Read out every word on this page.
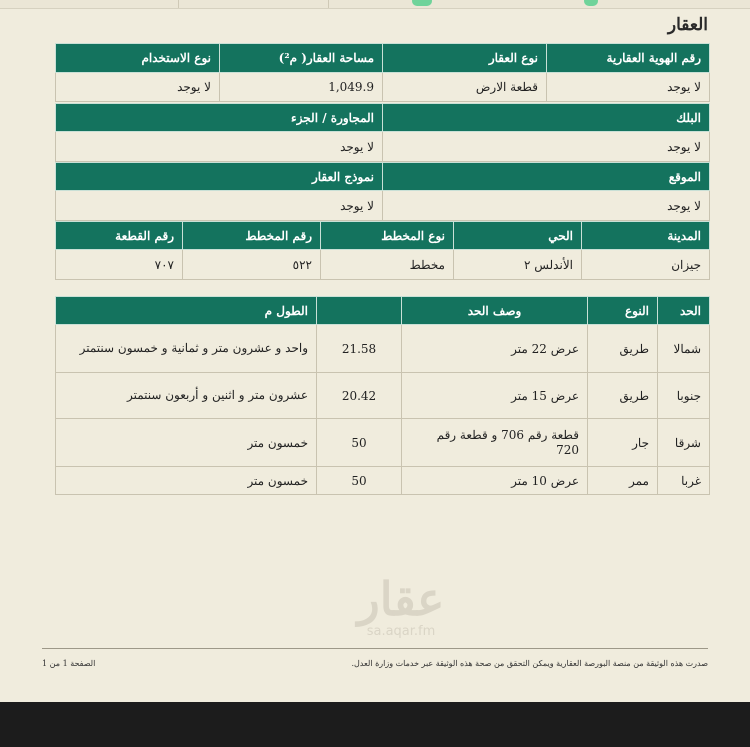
العقار
رقم الهوية العقارية	نوع العقار	مساحة العقار( م²)	نوع الاستخدام
لا يوجد	قطعة الارض	1,049.9	لا يوجد
البلك	المجاورة / الجزء
لا يوجد	لا يوجد
الموقع	نموذج العقار
لا يوجد	لا يوجد
المدينة	الحي	نوع المخطط	رقم المخطط	رقم القطعة
جيزان	الأندلس ٢	مخطط	٥٢٢	٧٠٧
الحد	النوع	وصف الحد		الطول م
شمالا	طريق	عرض 22 متر	21.58	واحد و عشرون متر و ثمانية و خمسون سنتمتر
جنوبا	طريق	عرض 15 متر	20.42	عشرون متر و اثنين و أربعون سنتمتر
شرقا	جار	قطعة رقم 706 و قطعة رقم 720	50	خمسون متر
غربا	ممر	عرض 10 متر	50	خمسون متر
عقار
sa.aqar.fm
صدرت هذه الوثيقة من منصة البورصة العقارية ويمكن التحقق من صحة هذه الوثيقة عبر خدمات وزارة العدل.
الصفحة 1 من 1
